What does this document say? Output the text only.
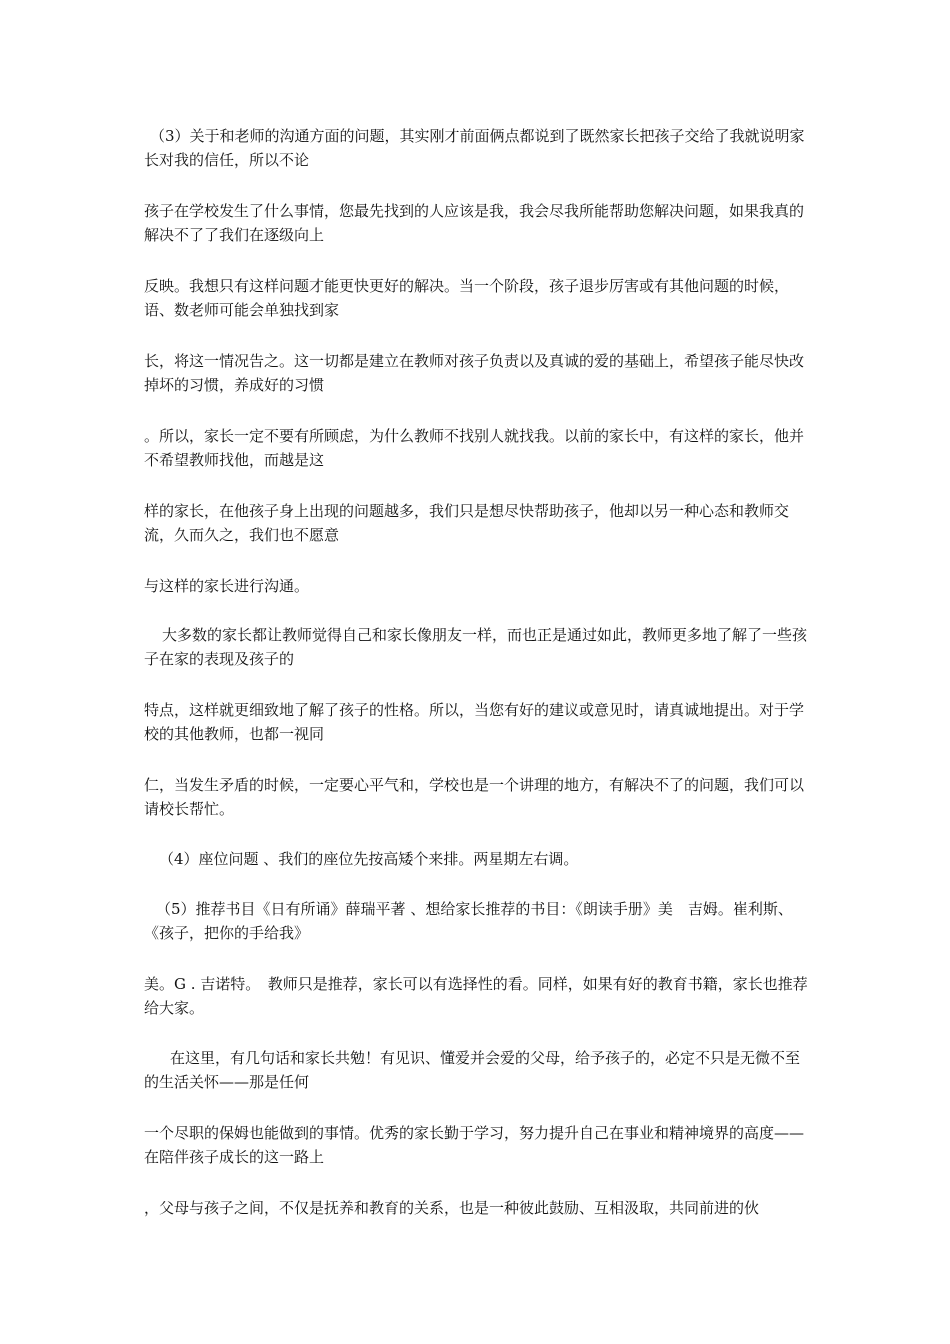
（3）关于和老师的沟通方面的问题，其实刚才前面俩点都说到了既然家长把孩子交给了我就说明家长对我的信任，所以不论

孩子在学校发生了什么事情，您最先找到的人应该是我，我会尽我所能帮助您解决问题，如果我真的解决不了了我们在逐级向上

反映。我想只有这样问题才能更快更好的解决。当一个阶段，孩子退步厉害或有其他问题的时候，语、数老师可能会单独找到家

长，将这一情况告之。这一切都是建立在教师对孩子负责以及真诚的爱的基础上，希望孩子能尽快改掉坏的习惯，养成好的习惯

。所以，家长一定不要有所顾虑，为什么教师不找别人就找我。以前的家长中，有这样的家长，他并不希望教师找他，而越是这

样的家长，在他孩子身上出现的问题越多，我们只是想尽快帮助孩子，他却以另一种心态和教师交流，久而久之，我们也不愿意

与这样的家长进行沟通。

大多数的家长都让教师觉得自己和家长像朋友一样，而也正是通过如此，教师更多地了解了一些孩子在家的表现及孩子的

特点，这样就更细致地了解了孩子的性格。所以，当您有好的建议或意见时，请真诚地提出。对于学校的其他教师，也都一视同

仁，当发生矛盾的时候，一定要心平气和，学校也是一个讲理的地方，有解决不了的问题，我们可以请校长帮忙。

（4）座位问题 、我们的座位先按高矮个来排。两星期左右调。

（5）推荐书目《日有所诵》薛瑞平著 、想给家长推荐的书目：《朗读手册》美　吉姆。崔利斯、《孩子，把你的手给我》

美。G . 吉诺特。　教师只是推荐，家长可以有选择性的看。同样，如果有好的教育书籍，家长也推荐给大家。

在这里，有几句话和家长共勉！有见识、懂爱并会爱的父母，给予孩子的，必定不只是无微不至的生活关怀——那是任何

一个尽职的保姆也能做到的事情。优秀的家长勤于学习，努力提升自己在事业和精神境界的高度——在陪伴孩子成长的这一路上

，父母与孩子之间，不仅是抚养和教育的关系，也是一种彼此鼓励、互相汲取，共同前进的伙
